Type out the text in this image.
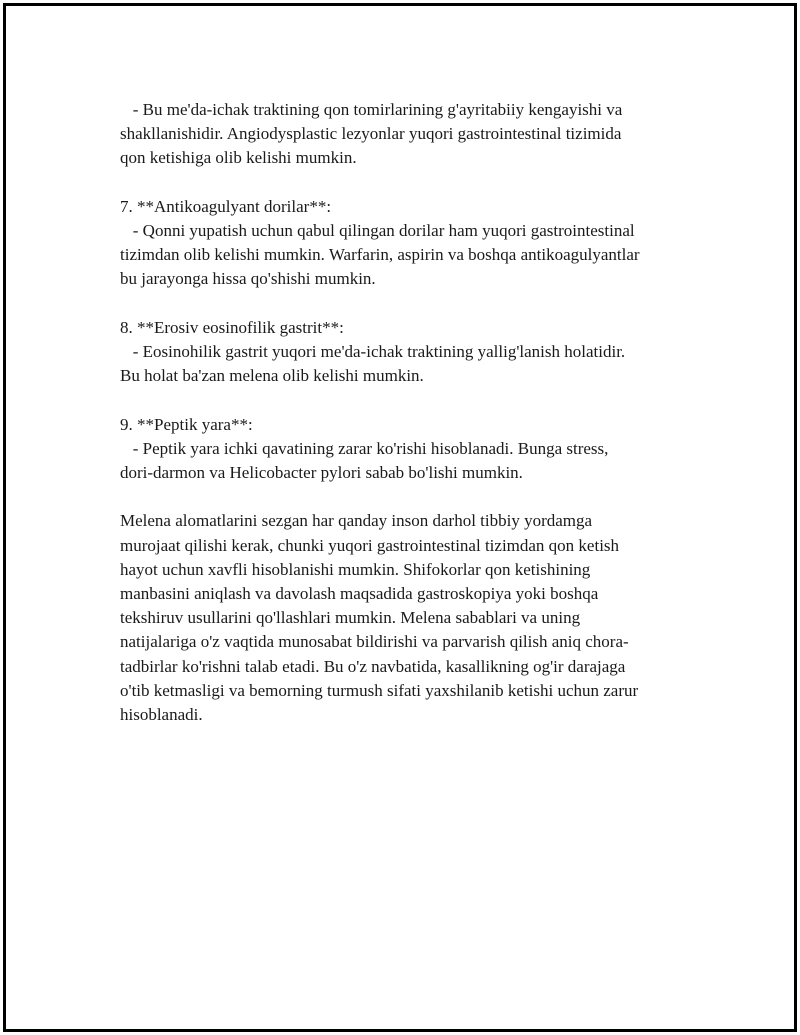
- Bu me'da-ichak traktining qon tomirlarining g'ayritabiiy kengayishi va
shakllanishidir. Angiodysplastic lezyonlar yuqori gastrointestinal tizimida
qon ketishiga olib kelishi mumkin.
7. **Antikoagulyant dorilar**:
- Qonni yupatish uchun qabul qilingan dorilar ham yuqori gastrointestinal
tizimdan olib kelishi mumkin. Warfarin, aspirin va boshqa antikoagulyantlar
bu jarayonga hissa qo'shishi mumkin.
8. **Erosiv eosinofilik gastrit**:
- Eosinohilik gastrit yuqori me'da-ichak traktining yallig'lanish holatidir.
Bu holat ba'zan melena olib kelishi mumkin.
9. **Peptik yara**:
- Peptik yara ichki qavatining zarar ko'rishi hisoblanadi. Bunga stress,
dori-darmon va Helicobacter pylori sabab bo'lishi mumkin.
Melena alomatlarini sezgan har qanday inson darhol tibbiy yordamga
murojaat qilishi kerak, chunki yuqori gastrointestinal tizimdan qon ketish
hayot uchun xavfli hisoblanishi mumkin. Shifokorlar qon ketishining
manbasini aniqlash va davolash maqsadida gastroskopiya yoki boshqa
tekshiruv usullarini qo'llashlari mumkin. Melena sabablari va uning
natijalariga o'z vaqtida munosabat bildirishi va parvarish qilish aniq chora-
tadbirlar ko'rishni talab etadi. Bu o'z navbatida, kasallikning og'ir darajaga
o'tib ketmasligi va bemorning turmush sifati yaxshilanib ketishi uchun zarur
hisoblanadi.
